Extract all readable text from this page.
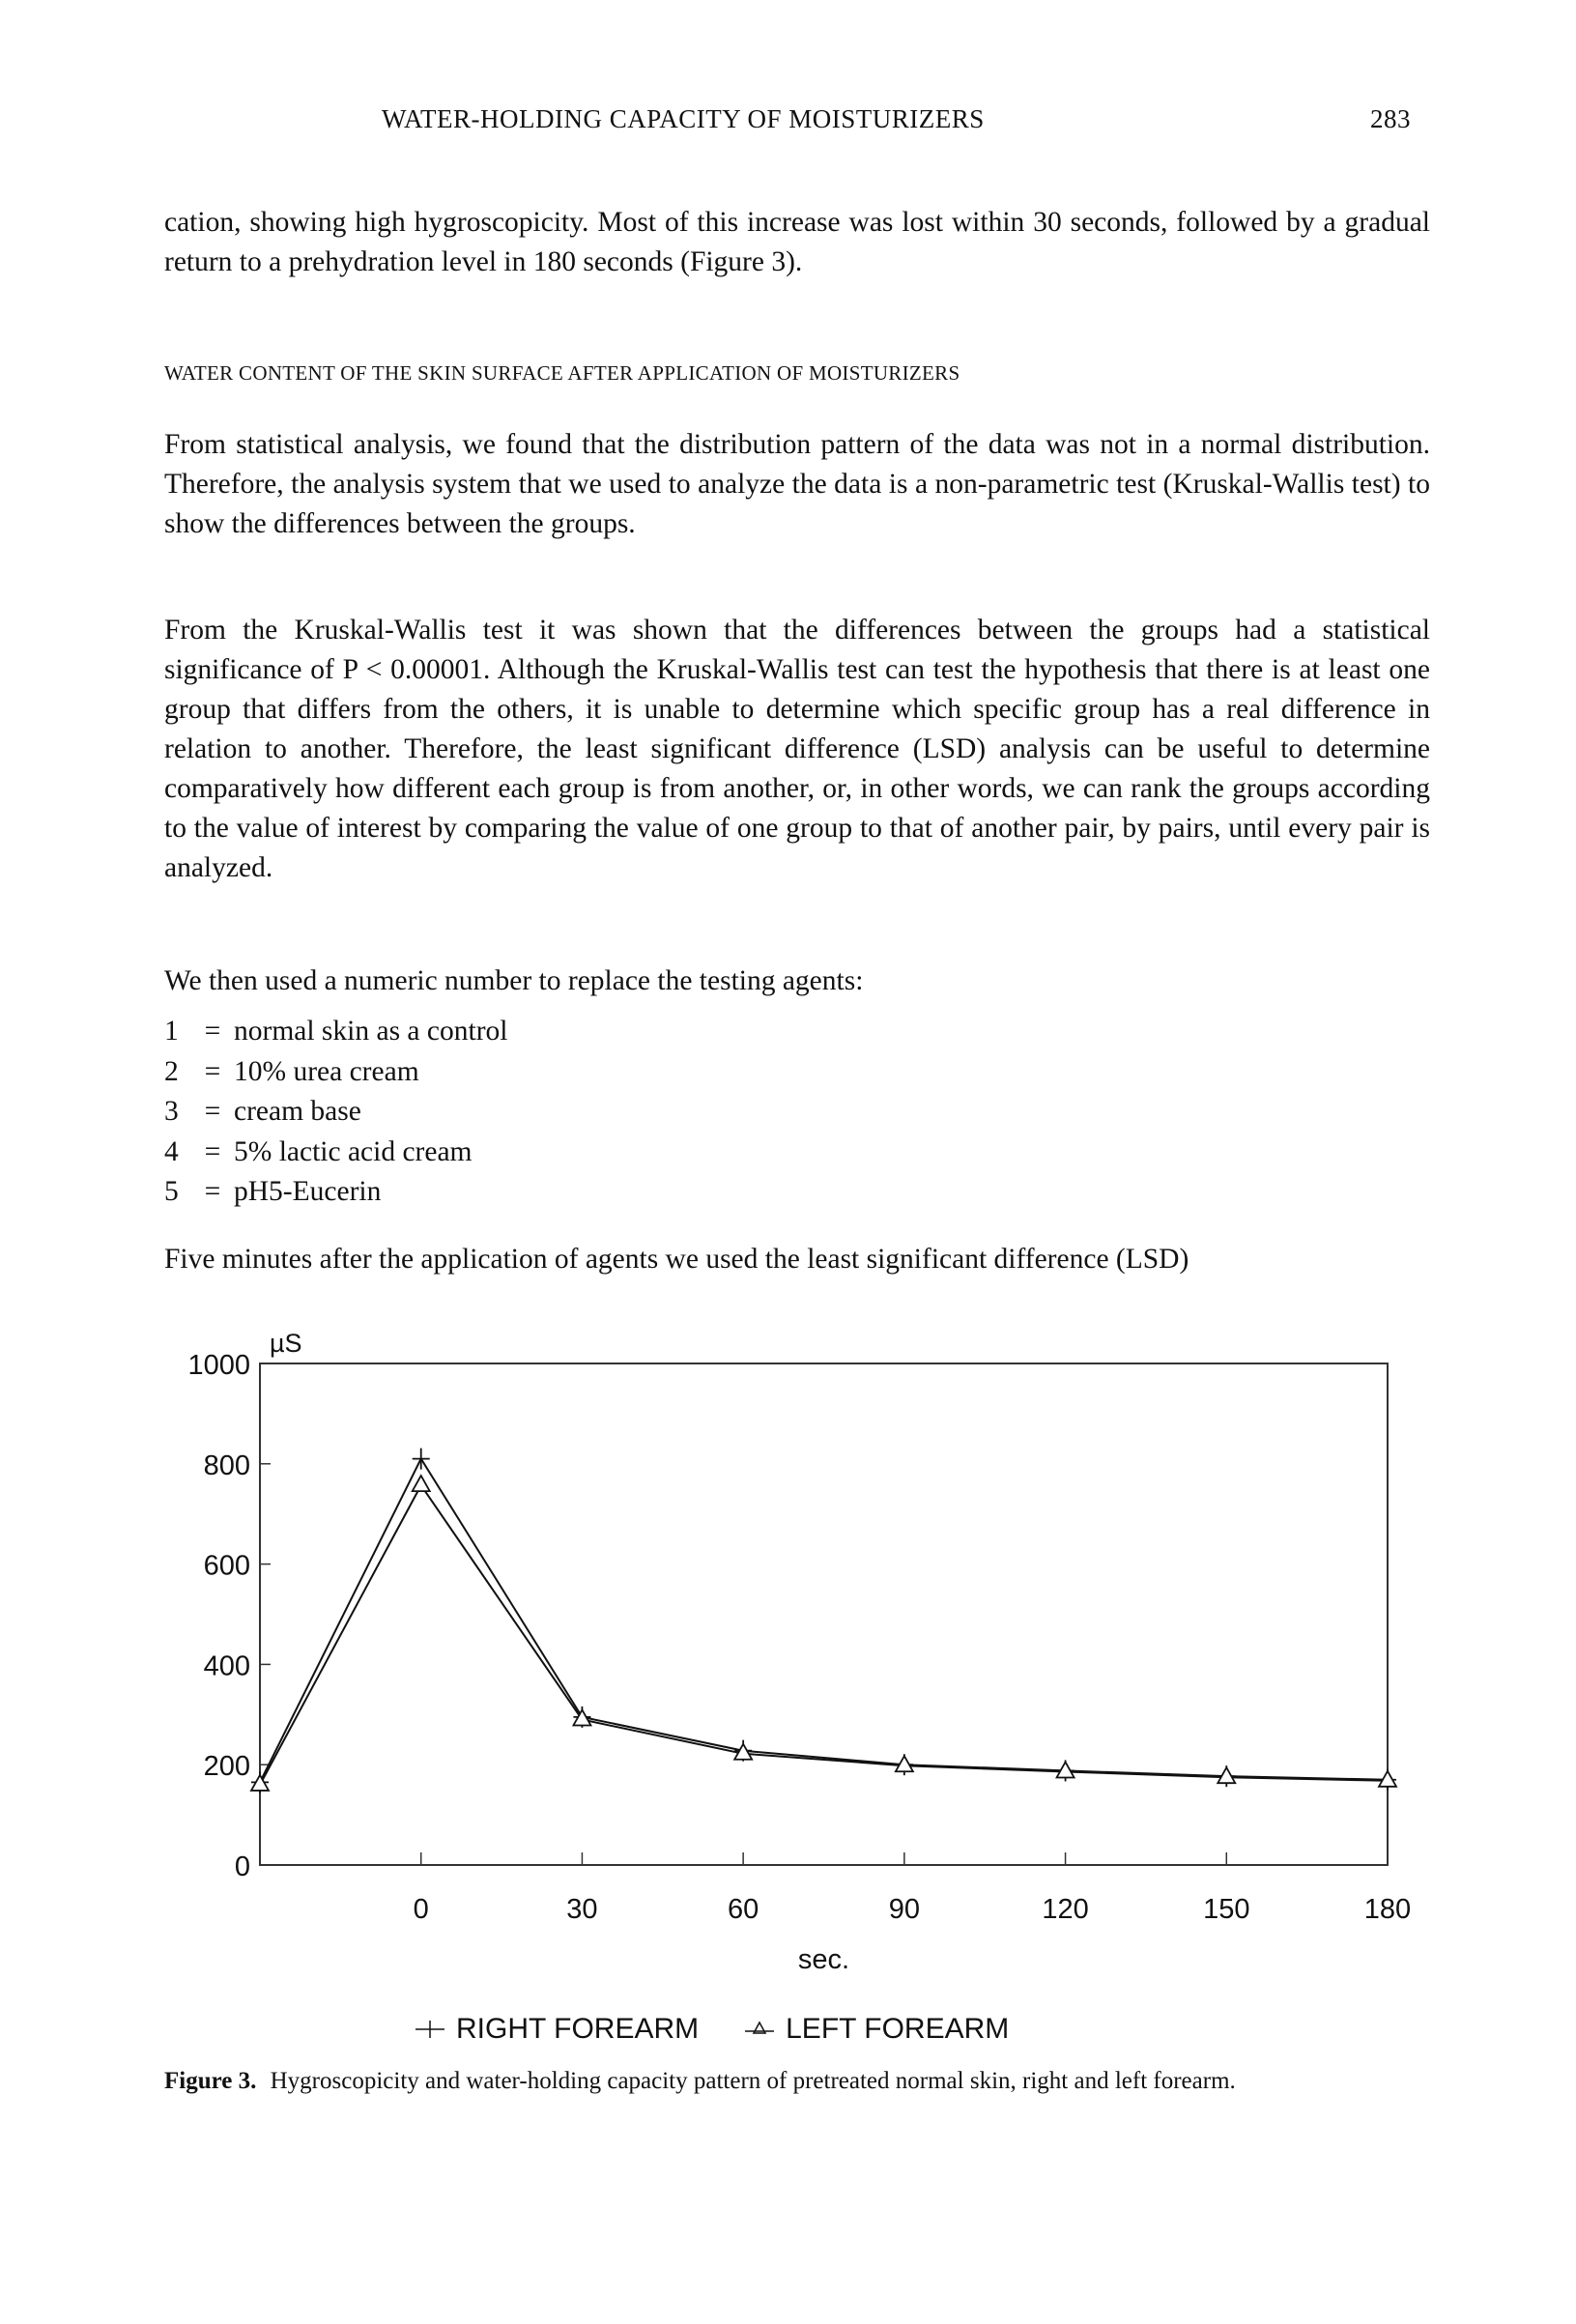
WATER-HOLDING CAPACITY OF MOISTURIZERS	283
cation, showing high hygroscopicity. Most of this increase was lost within 30 seconds, followed by a gradual return to a prehydration level in 180 seconds (Figure 3).
WATER CONTENT OF THE SKIN SURFACE AFTER APPLICATION OF MOISTURIZERS
From statistical analysis, we found that the distribution pattern of the data was not in a normal distribution. Therefore, the analysis system that we used to analyze the data is a non-parametric test (Kruskal-Wallis test) to show the differences between the groups.
From the Kruskal-Wallis test it was shown that the differences between the groups had a statistical significance of P < 0.00001. Although the Kruskal-Wallis test can test the hypothesis that there is at least one group that differs from the others, it is unable to determine which specific group has a real difference in relation to another. Therefore, the least significant difference (LSD) analysis can be useful to determine comparatively how different each group is from another, or, in other words, we can rank the groups according to the value of interest by comparing the value of one group to that of another pair, by pairs, until every pair is analyzed.
We then used a numeric number to replace the testing agents:
1 = normal skin as a control
2 = 10% urea cream
3 = cream base
4 = 5% lactic acid cream
5 = pH5-Eucerin
Five minutes after the application of agents we used the least significant difference (LSD)
0
200
400
600
800
1000
µS
0	30	60	90	120	150	180
sec.
RIGHT FOREARM	LEFT FOREARM
Figure 3. Hygroscopicity and water-holding capacity pattern of pretreated normal skin, right and left forearm.
